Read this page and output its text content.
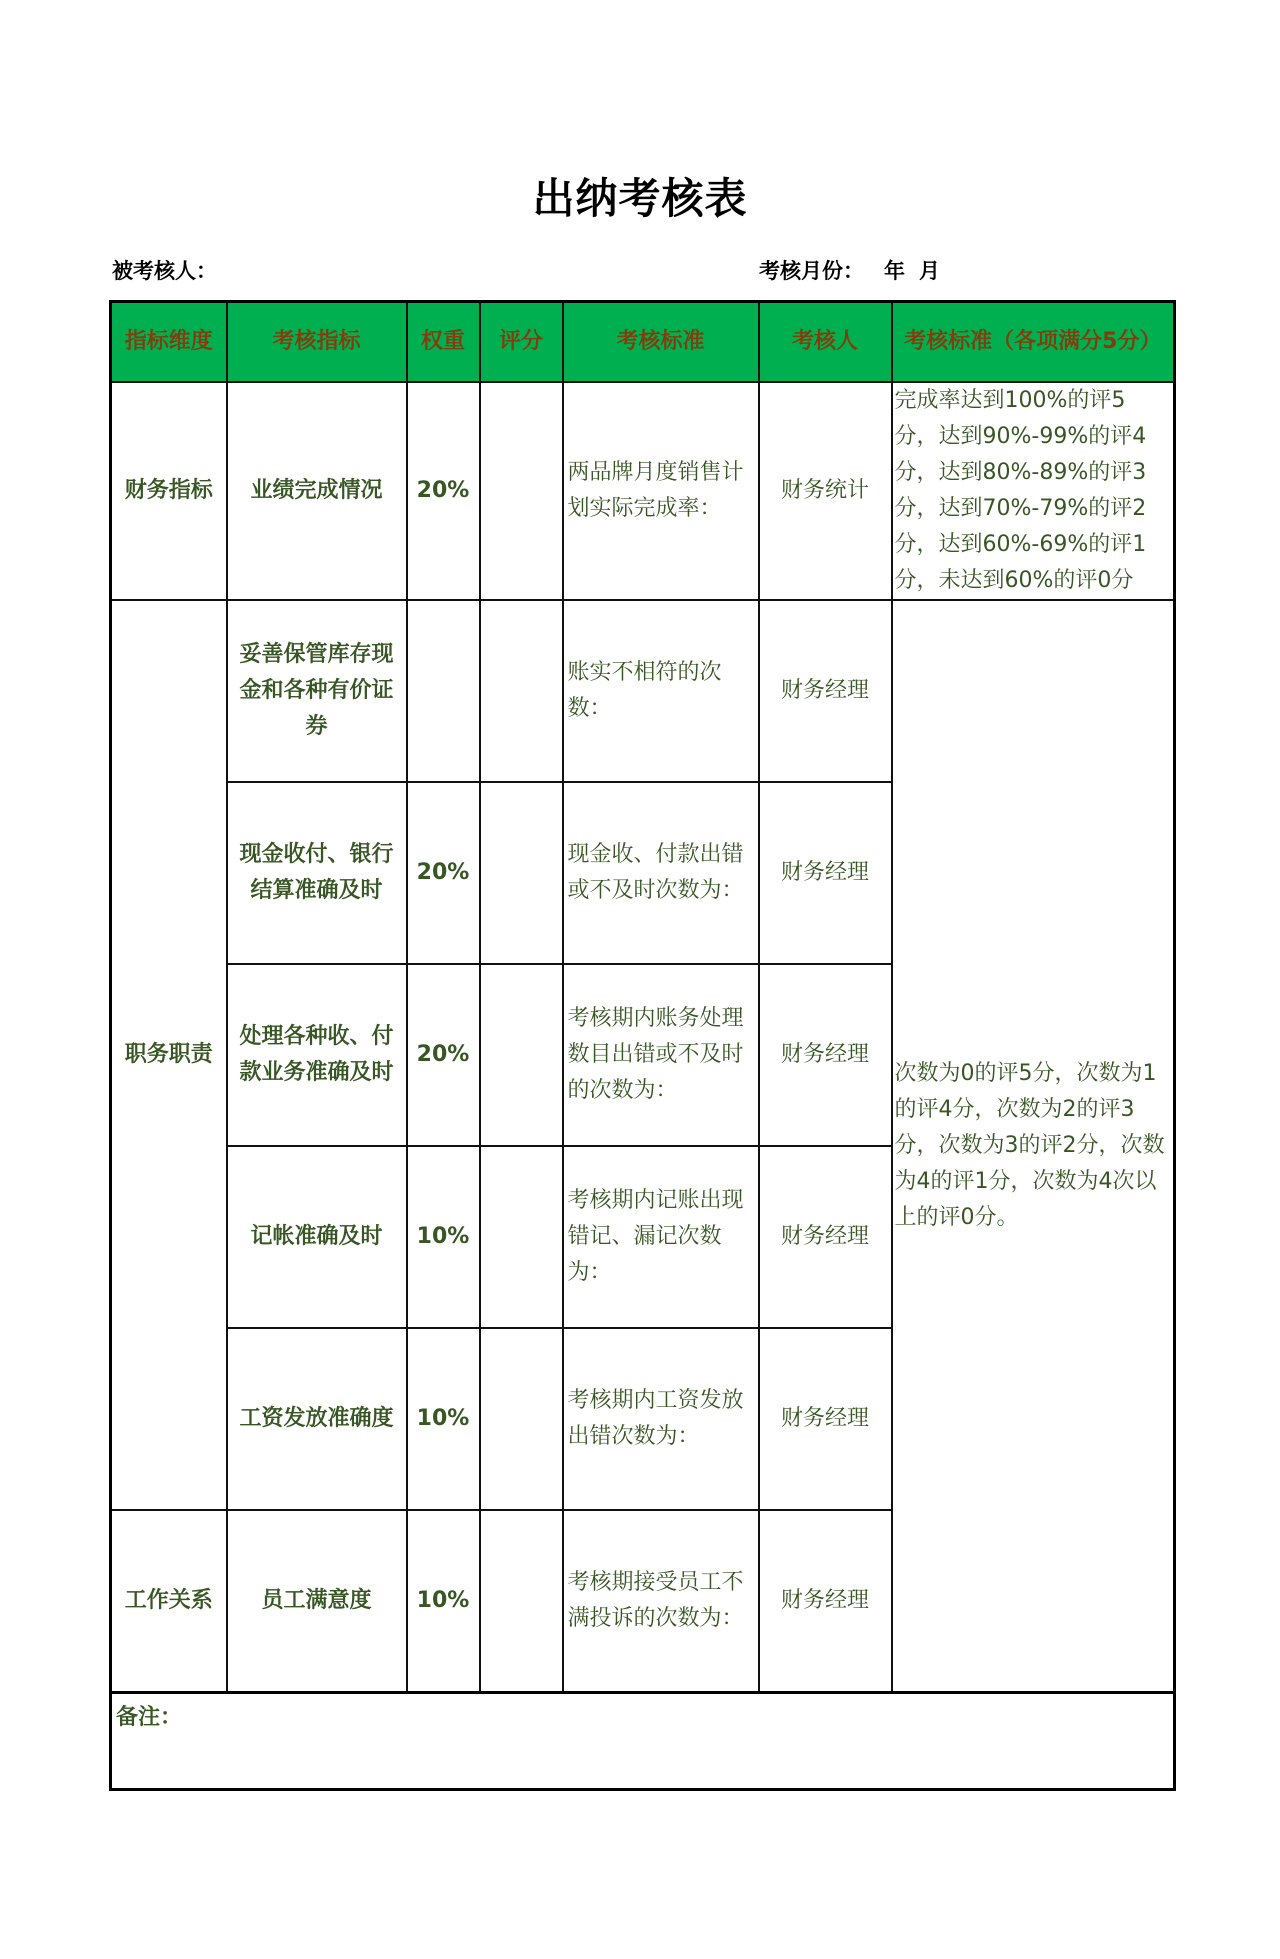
出纳考核表
被考核人：	考核月份： 年 月
指标维度	考核指标	权重	评分	考核标准	考核人	考核标准（各项满分5分）
财务指标	业绩完成情况	20%		两品牌月度销售计划实际完成率：	财务统计	完成率达到100%的评5分，达到90%-99%的评4分，达到80%-89%的评3分，达到70%-79%的评2分，达到60%-69%的评1分，未达到60%的评0分
职务职责	妥善保管库存现金和各种有价证券			账实不相符的次数：	财务经理	次数为0的评5分，次数为1的评4分，次数为2的评3分，次数为3的评2分，次数为4的评1分，次数为4次以上的评0分。
	现金收付、银行结算准确及时	20%		现金收、付款出错或不及时次数为：	财务经理	
	处理各种收、付款业务准确及时	20%		考核期内账务处理数目出错或不及时的次数为：	财务经理	
	记帐准确及时	10%		考核期内记账出现错记、漏记次数为：	财务经理	
	工资发放准确度	10%		考核期内工资发放出错次数为：	财务经理	
工作关系	员工满意度	10%		考核期接受员工不满投诉的次数为：	财务经理	
备注：						
